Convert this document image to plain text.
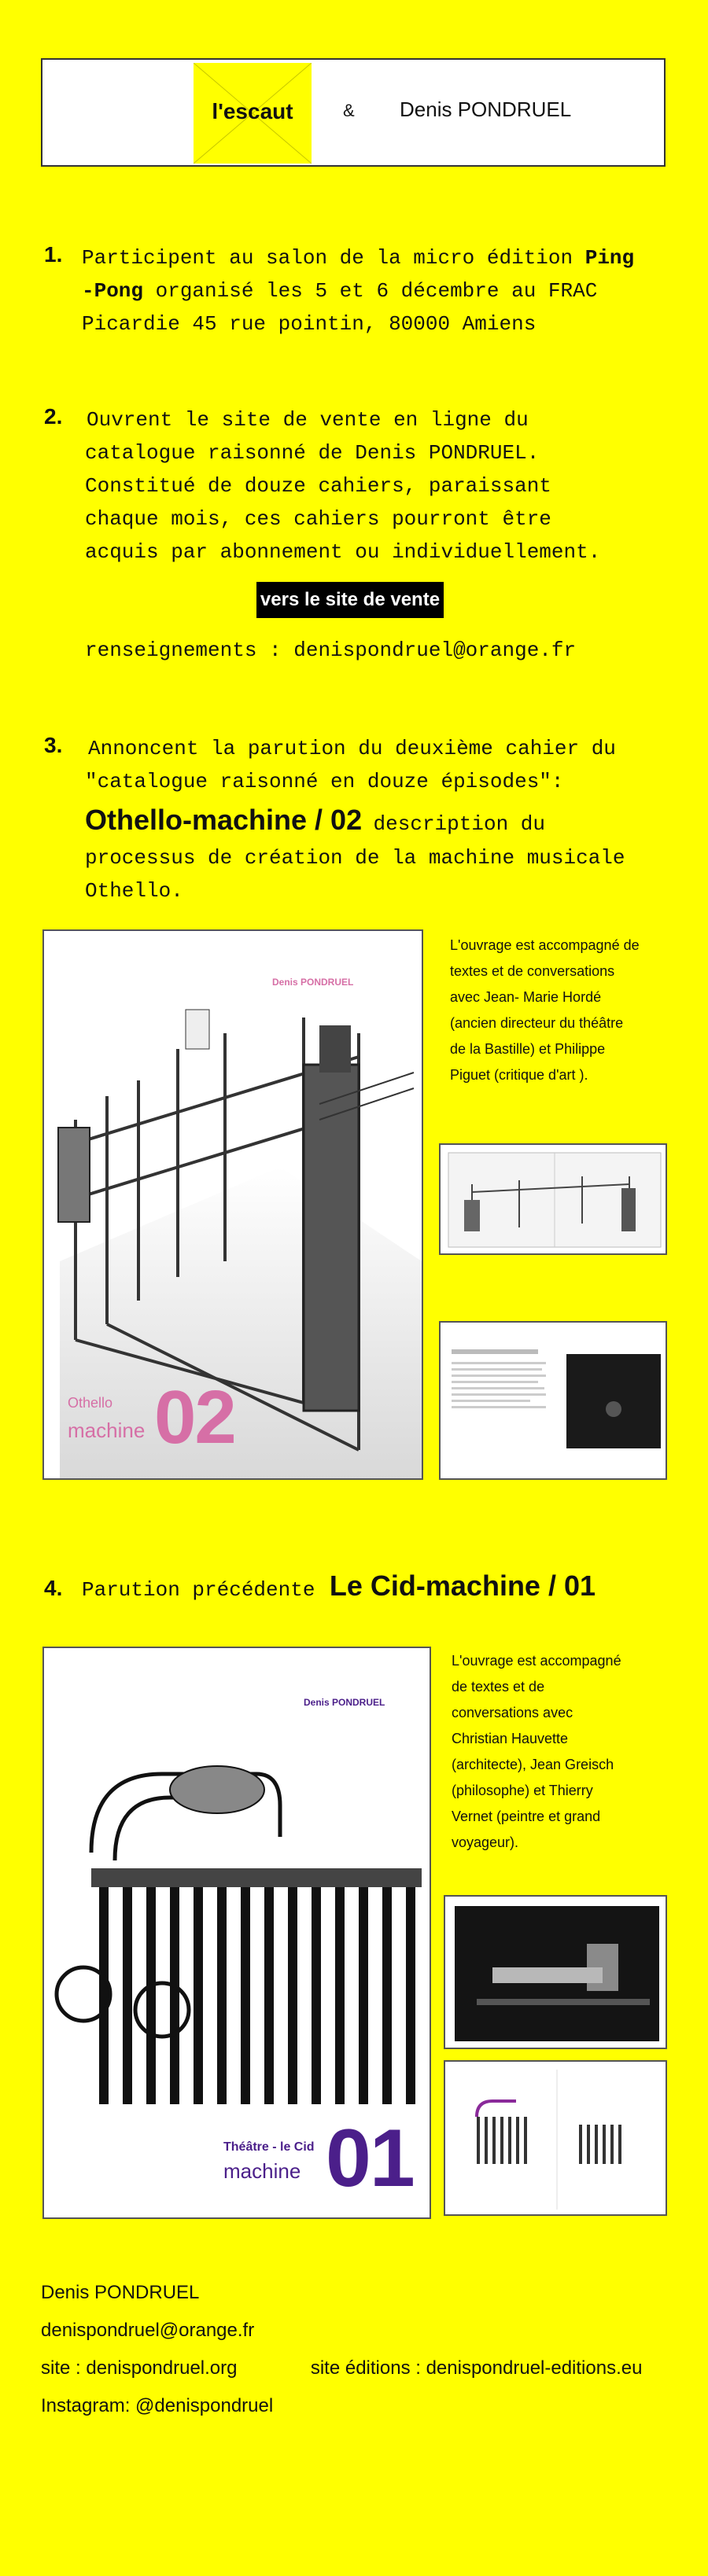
l'escaut	& Denis PONDRUEL
1. Participent au salon de la micro édition Ping
-Pong organisé les 5 et 6 décembre au FRAC
Picardie 45 rue pointin, 80000 Amiens
2. Ouvrent le site de vente en ligne du
catalogue raisonné de Denis PONDRUEL.
Constitué de douze cahiers, paraissant
chaque mois, ces cahiers pourront être
acquis par abonnement ou individuellement.
vers le site de vente
renseignements : denispondruel@orange.fr
3. Annoncent la parution du deuxième cahier du
"catalogue raisonné en douze épisodes":
Othello-machine / 02 description du
processus de création de la machine musicale
Othello.
Denis PONDRUEL
Othello
machine 02
L'ouvrage est accompagné de
textes et de conversations
avec Jean- Marie Hordé
(ancien directeur du théâtre
de la Bastille) et Philippe
Piguet (critique d'art ).
4. Parution précédente Le Cid-machine / 01
Denis PONDRUEL
Théâtre - le Cid
machine 01
L'ouvrage est accompagné
de textes et de
conversations avec
Christian Hauvette
(architecte), Jean Greisch
(philosophe) et Thierry
Vernet (peintre et grand
voyageur).
Denis PONDRUEL
denispondruel@orange.fr
site : denispondruel.org	site éditions : denispondruel-editions.eu
Instagram: @denispondruel
